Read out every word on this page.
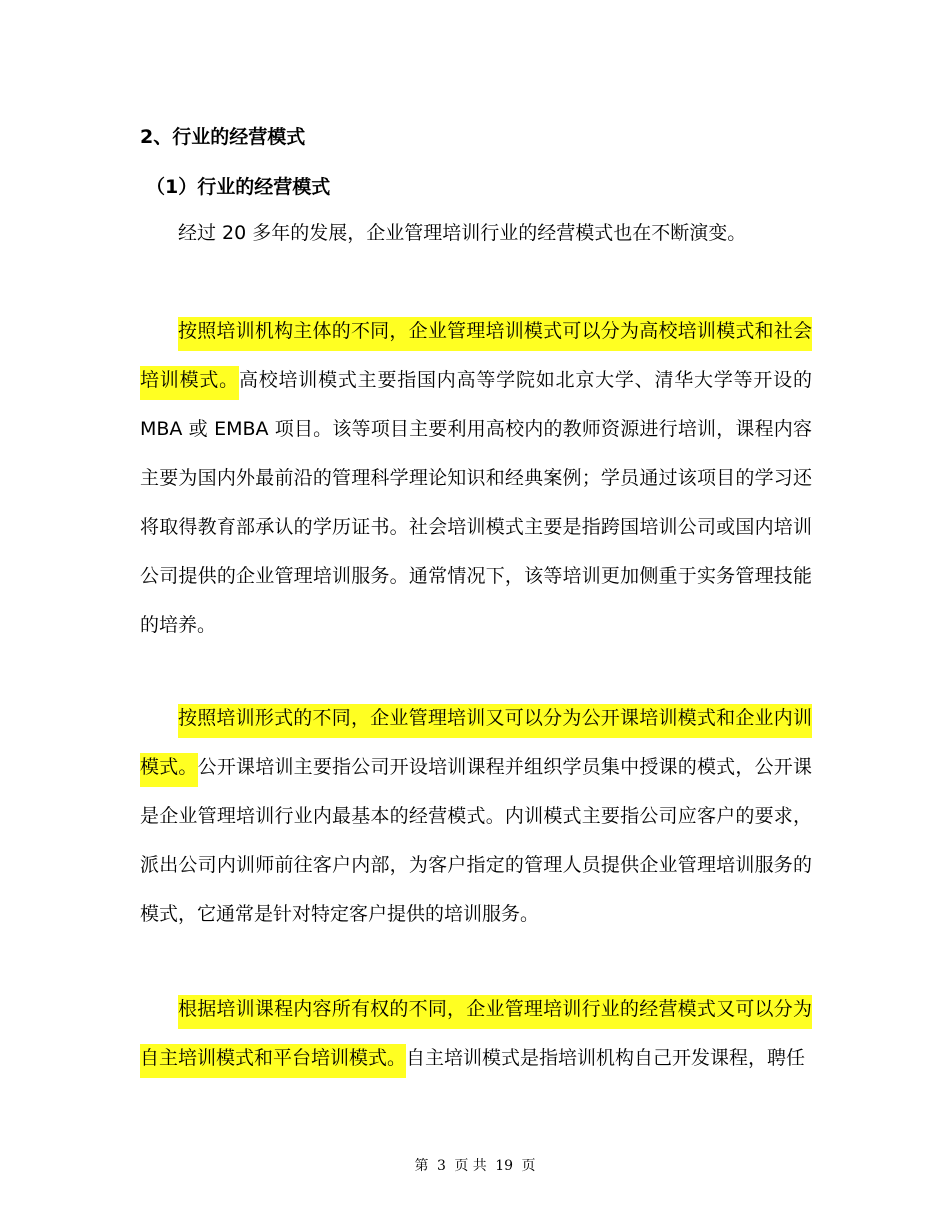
2、行业的经营模式
（1）行业的经营模式

经过 20 多年的发展，企业管理培训行业的经营模式也在不断演变。

按照培训机构主体的不同，企业管理培训模式可以分为高校培训模式和社会培训模式。高校培训模式主要指国内高等学院如北京大学、清华大学等开设的 MBA 或 EMBA 项目。该等项目主要利用高校内的教师资源进行培训，课程内容主要为国内外最前沿的管理科学理论知识和经典案例；学员通过该项目的学习还将取得教育部承认的学历证书。社会培训模式主要是指跨国培训公司或国内培训公司提供的企业管理培训服务。通常情况下，该等培训更加侧重于实务管理技能的培养。

按照培训形式的不同，企业管理培训又可以分为公开课培训模式和企业内训模式。公开课培训主要指公司开设培训课程并组织学员集中授课的模式，公开课是企业管理培训行业内最基本的经营模式。内训模式主要指公司应客户的要求，派出公司内训师前往客户内部，为客户指定的管理人员提供企业管理培训服务的模式，它通常是针对特定客户提供的培训服务。

根据培训课程内容所有权的不同，企业管理培训行业的经营模式又可以分为自主培训模式和平台培训模式。自主培训模式是指培训机构自己开发课程，聘任

第 3 页 共 19 页
